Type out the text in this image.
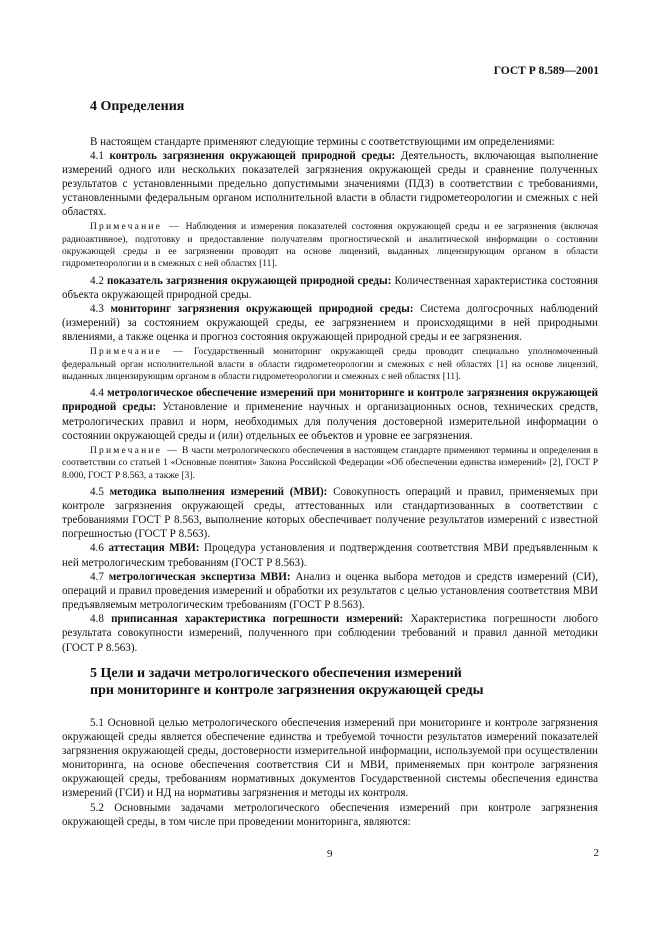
ГОСТ Р 8.589—2001
4 Определения

В настоящем стандарте применяют следующие термины с соответствующими им определениями:

4.1 контроль загрязнения окружающей природной среды: Деятельность, включающая выполнение измерений одного или нескольких показателей загрязнения окружающей среды и сравнение полученных результатов с установленными предельно допустимыми значениями (ПДЗ) в соответствии с требованиями, установленными федеральным органом исполнительной власти в области гидрометеорологии и смежных с ней областях.

Примечание — Наблюдения и измерения показателей состояния окружающей среды и ее загрязнения (включая радиоактивное), подготовку и предоставление получателям прогностической и аналитической информации о состоянии окружающей среды и ее загрязнении проводят на основе лицензий, выданных лицензирующим органом в области гидрометеорологии и в смежных с ней областях [11].

4.2 показатель загрязнения окружающей природной среды: Количественная характеристика состояния объекта окружающей природной среды.

4.3 мониторинг загрязнения окружающей природной среды: Система долгосрочных наблюдений (измерений) за состоянием окружающей среды, ее загрязнением и происходящими в ней природными явлениями, а также оценка и прогноз состояния окружающей природной среды и ее загрязнения.

Примечание — Государственный мониторинг окружающей среды проводит специально уполномоченный федеральный орган исполнительной власти в области гидрометеорологии и смежных с ней областях [1] на основе лицензий, выданных лицензирующим органом в области гидрометеорологии и смежных с ней областях [11].

4.4 метрологическое обеспечение измерений при мониторинге и контроле загрязнения окружающей природной среды: Установление и применение научных и организационных основ, технических средств, метрологических правил и норм, необходимых для получения достоверной измерительной информации о состоянии окружающей среды и (или) отдельных ее объектов и уровне ее загрязнения.

Примечание — В части метрологического обеспечения в настоящем стандарте применяют термины и определения в соответствии со статьей 1 «Основные понятия» Закона Российской Федерации «Об обеспечении единства измерений» [2], ГОСТ Р 8.000, ГОСТ Р 8.563, а также [3].

4.5 методика выполнения измерений (МВИ): Совокупность операций и правил, применяемых при контроле загрязнения окружающей среды, аттестованных или стандартизованных в соответствии с требованиями ГОСТ Р 8.563, выполнение которых обеспечивает получение результатов измерений с известной погрешностью (ГОСТ Р 8.563).

4.6 аттестация МВИ: Процедура установления и подтверждения соответствия МВИ предъявленным к ней метрологическим требованиям (ГОСТ Р 8.563).

4.7 метрологическая экспертиза МВИ: Анализ и оценка выбора методов и средств измерений (СИ), операций и правил проведения измерений и обработки их результатов с целью установления соответствия МВИ предъявляемым метрологическим требованиям (ГОСТ Р 8.563).

4.8 приписанная характеристика погрешности измерений: Характеристика погрешности любого результата совокупности измерений, полученного при соблюдении требований и правил данной методики (ГОСТ Р 8.563).

5 Цели и задачи метрологического обеспечения измерений
при мониторинге и контроле загрязнения окружающей среды

5.1 Основной целью метрологического обеспечения измерений при мониторинге и контроле загрязнения окружающей среды является обеспечение единства и требуемой точности результатов измерений показателей загрязнения окружающей среды, достоверности измерительной информации, используемой при осуществлении мониторинга, на основе обеспечения соответствия СИ и МВИ, применяемых при контроле загрязнения окружающей среды, требованиям нормативных документов Государственной системы обеспечения единства измерений (ГСИ) и НД на нормативы загрязнения и методы их контроля.

5.2 Основными задачами метрологического обеспечения измерений при контроле загрязнения окружающей среды, в том числе при проведении мониторинга, являются:

9	2
